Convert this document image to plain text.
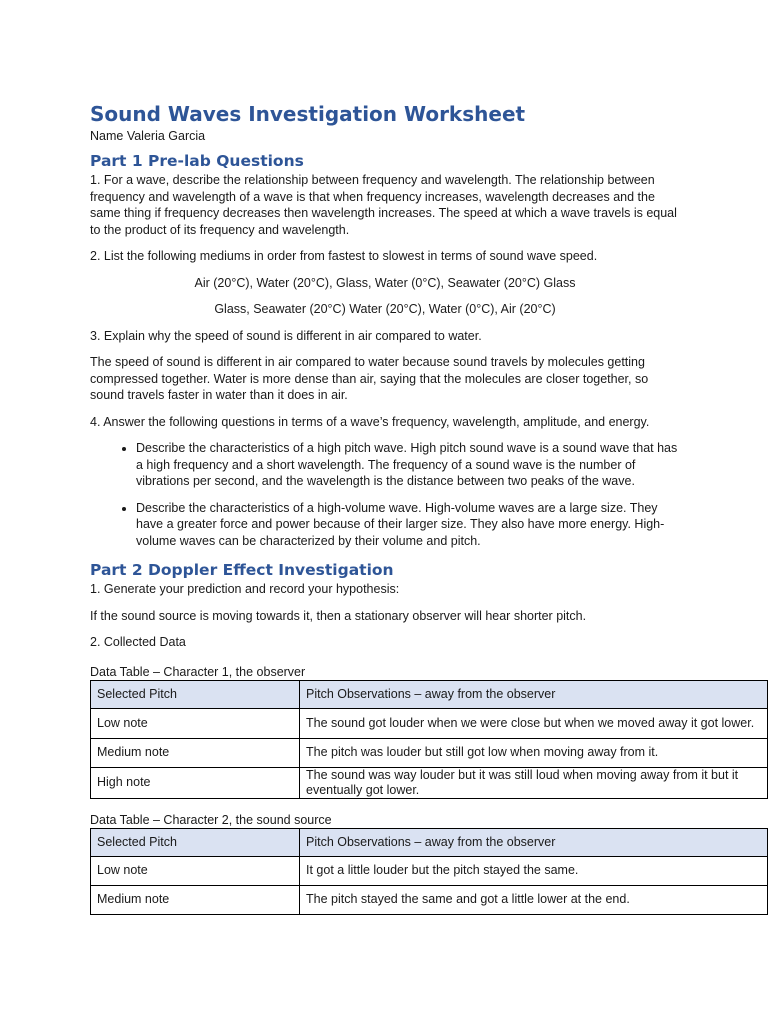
Sound Waves Investigation Worksheet

Name Valeria Garcia

Part 1 Pre-lab Questions

1. For a wave, describe the relationship between frequency and wavelength. The relationship between frequency and wavelength of a wave is that when frequency increases, wavelength decreases and the same thing if frequency decreases then wavelength increases. The speed at which a wave travels is equal to the product of its frequency and wavelength.

2. List the following mediums in order from fastest to slowest in terms of sound wave speed.

Air (20°C), Water (20°C), Glass, Water (0°C), Seawater (20°C) Glass

Glass, Seawater (20°C) Water (20°C), Water (0°C), Air (20°C)

3. Explain why the speed of sound is different in air compared to water.

The speed of sound is different in air compared to water because sound travels by molecules getting compressed together. Water is more dense than air, saying that the molecules are closer together, so sound travels faster in water than it does in air.

4. Answer the following questions in terms of a wave’s frequency, wavelength, amplitude, and energy.

• Describe the characteristics of a high pitch wave. High pitch sound wave is a sound wave that has a high frequency and a short wavelength. The frequency of a sound wave is the number of vibrations per second, and the wavelength is the distance between two peaks of the wave.
• Describe the characteristics of a high-volume wave. High-volume waves are a large size. They have a greater force and power because of their larger size. They also have more energy. High-volume waves can be characterized by their volume and pitch.
Part 2 Doppler Effect Investigation

1. Generate your prediction and record your hypothesis:

If the sound source is moving towards it, then a stationary observer will hear shorter pitch.

2. Collected Data

Data Table – Character 1, the observer

Selected Pitch	Pitch Observations – away from the observer
Low note	The sound got louder when we were close but when we moved away it got lower.
Medium note	The pitch was louder but still got low when moving away from it.
High note	The sound was way louder but it was still loud when moving away from it but it eventually got lower.

Data Table – Character 2, the sound source

Selected Pitch	Pitch Observations – away from the observer
Low note	It got a little louder but the pitch stayed the same.
Medium note	The pitch stayed the same and got a little lower at the end.
